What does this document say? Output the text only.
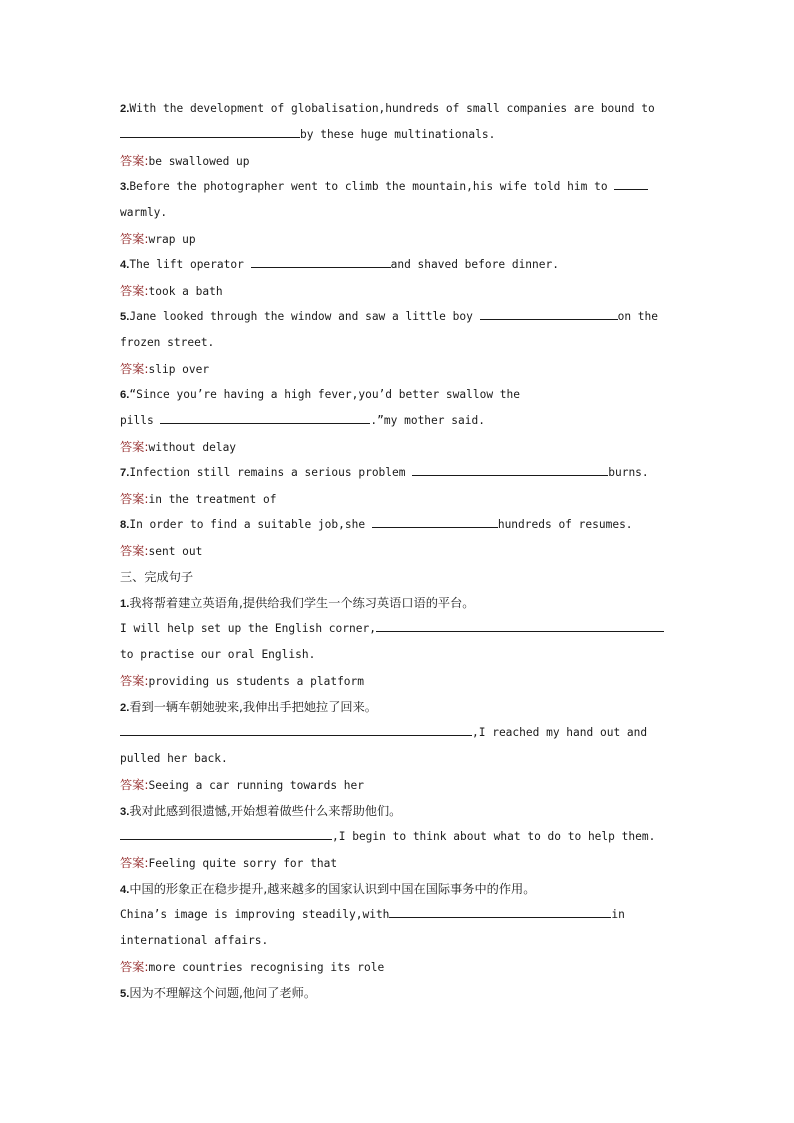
2.With the development of globalisation,hundreds of small companies are bound to
by these huge multinationals.
答案:be swallowed up
3.Before the photographer went to climb the mountain,his wife told him to
warmly.
答案:wrap up
4.The lift operator	and shaved before dinner.
答案:took a bath
5.Jane looked through the window and saw a little boy	on the
frozen street.
答案:slip over
6.“Since you’re having a high fever,you’d better swallow the
pills	.”my mother said.
答案:without delay
7.Infection still remains a serious problem	burns.
答案:in the treatment of
8.In order to find a suitable job,she	hundreds of resumes.
答案:sent out
三、完成句子
1.我将帮着建立英语角,提供给我们学生一个练习英语口语的平台。
I will help set up the English corner,
to practise our oral English.
答案:providing us students a platform
2.看到一辆车朝她驶来,我伸出手把她拉了回来。
,I reached my hand out and
pulled her back.
答案:Seeing a car running towards her
3.我对此感到很遗憾,开始想着做些什么来帮助他们。
,I begin to think about what to do to help them.
答案:Feeling quite sorry for that
4.中国的形象正在稳步提升,越来越多的国家认识到中国在国际事务中的作用。
China’s image is improving steadily,with	in
international affairs.
答案:more countries recognising its role
5.因为不理解这个问题,他问了老师。
